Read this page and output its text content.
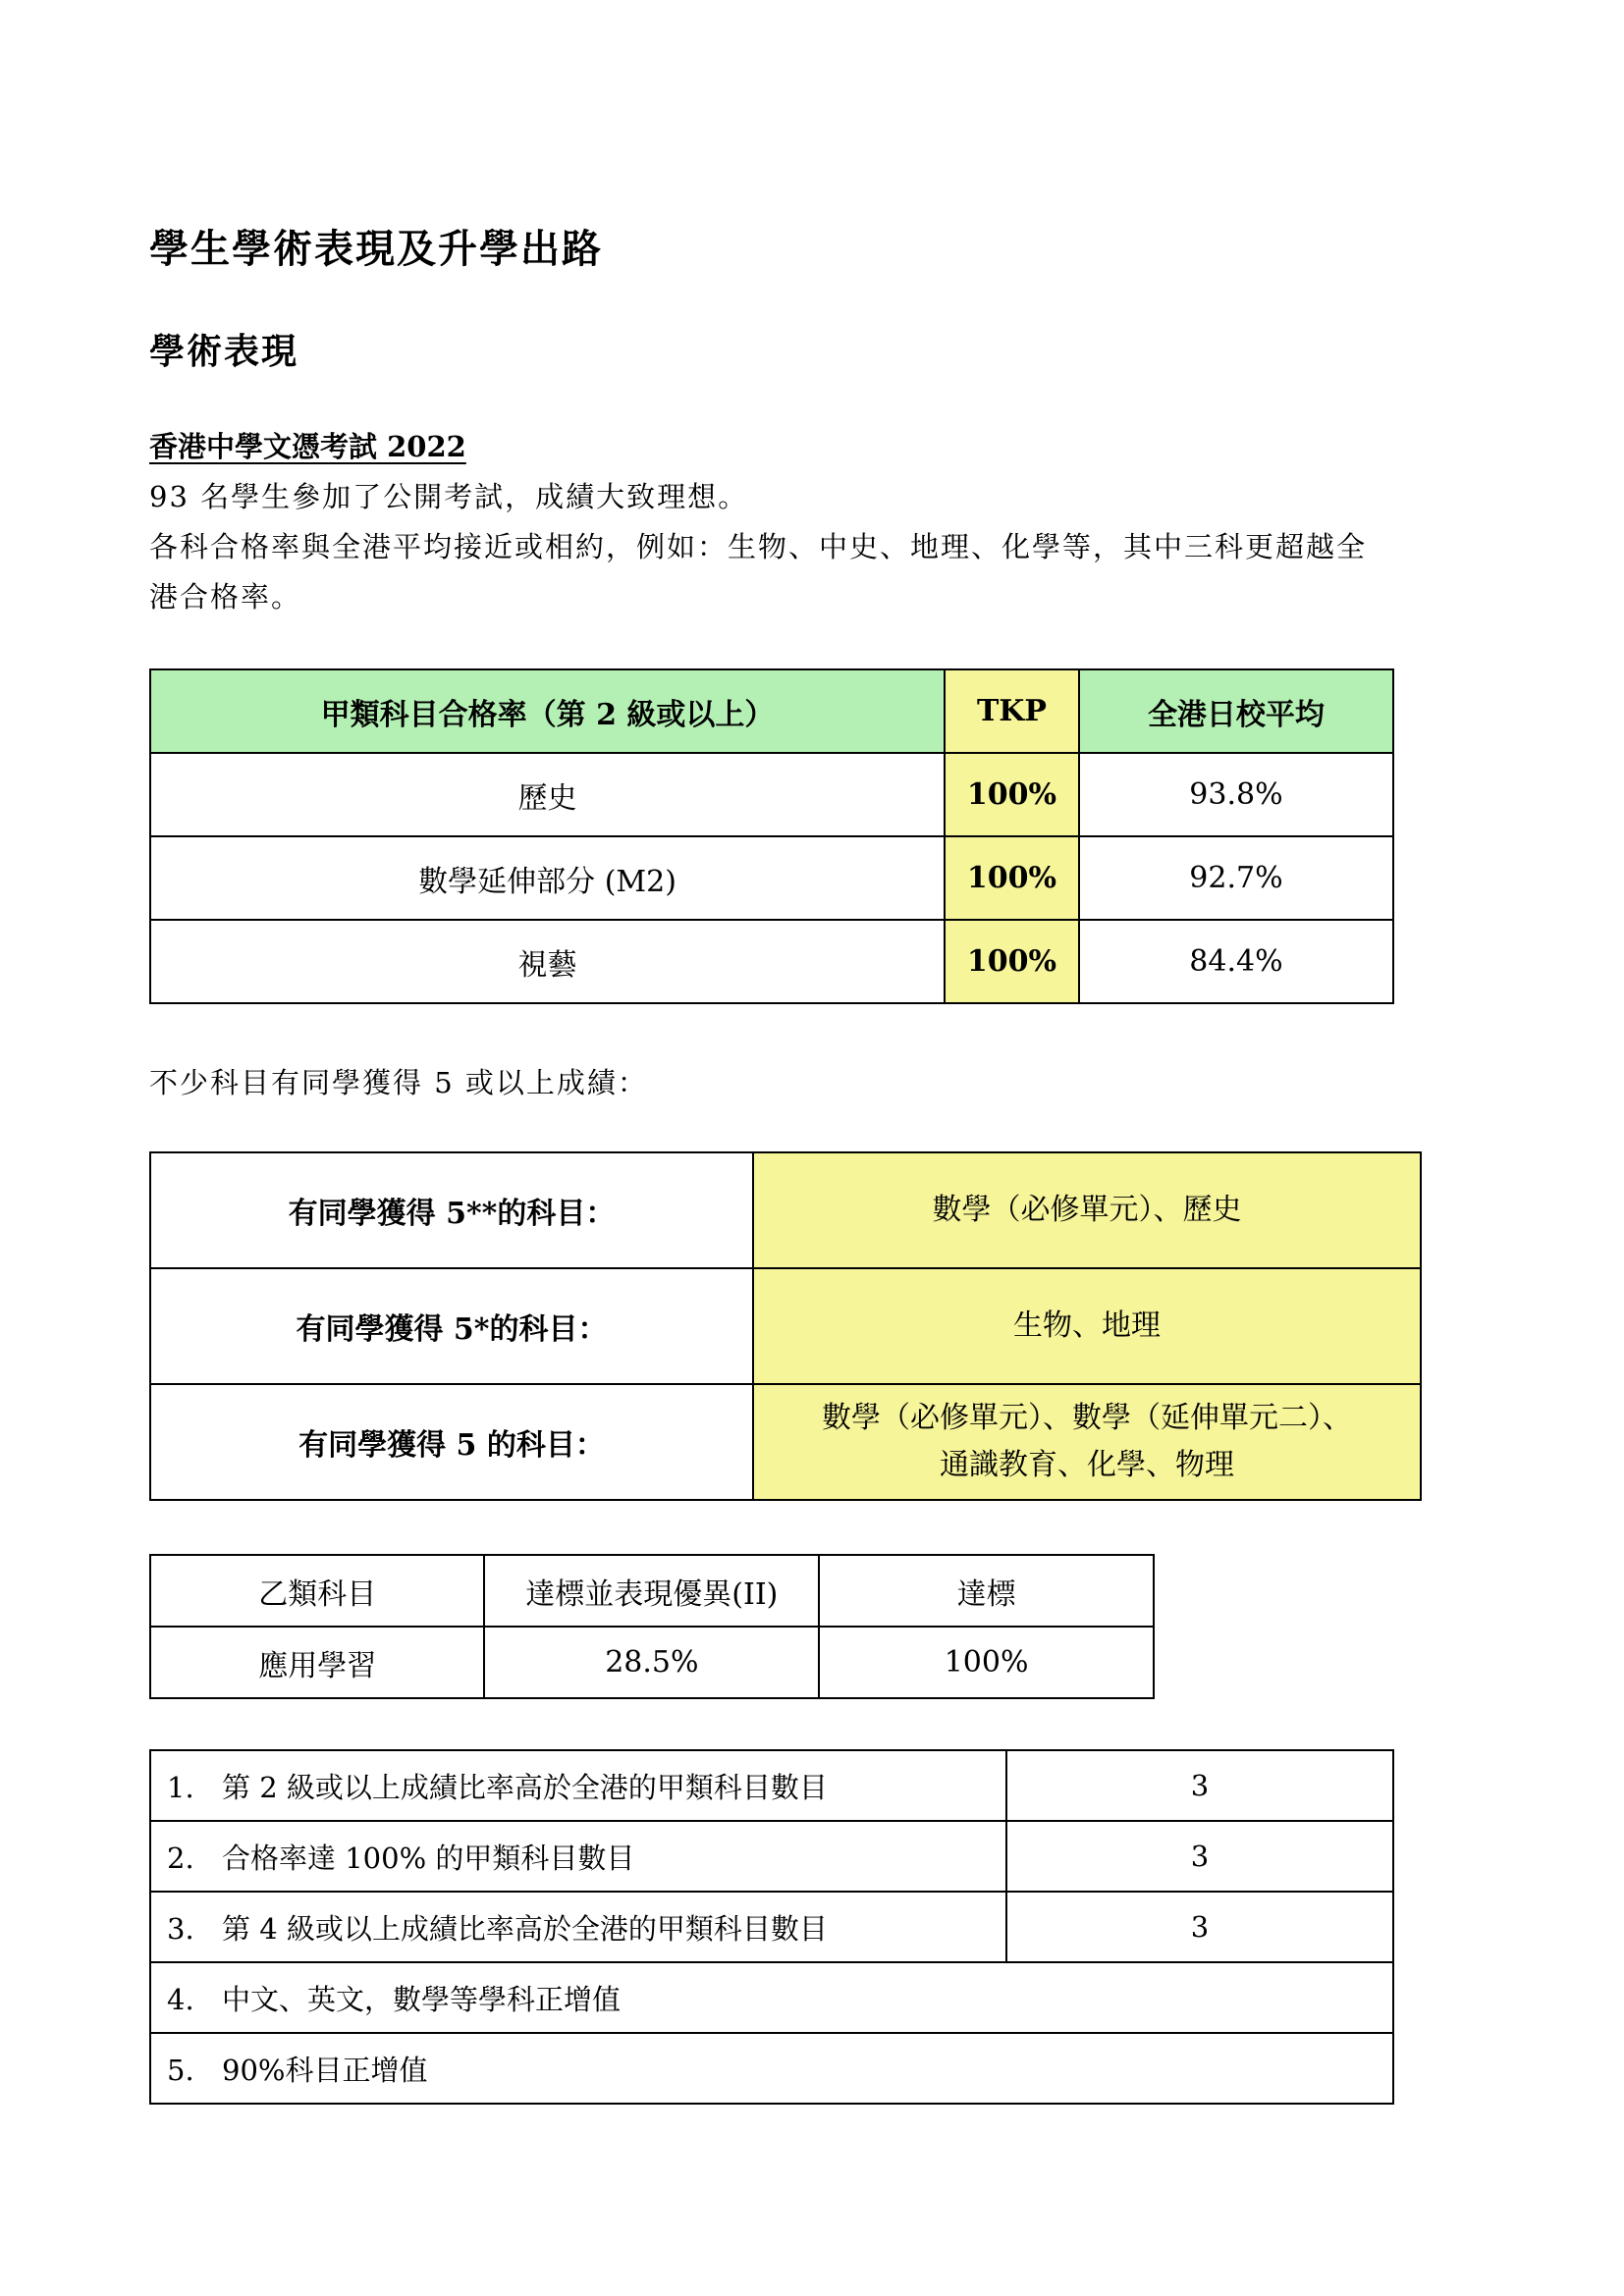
學生學術表現及升學出路
學術表現
香港中學文憑考試 2022
93 名學生參加了公開考試，成績大致理想。
各科合格率與全港平均接近或相約，例如：生物、中史、地理、化學等，其中三科更超越全
港合格率。
甲類科目合格率（第 2 級或以上）	TKP	全港日校平均
歷史	100%	93.8%
數學延伸部分 (M2)	100%	92.7%
視藝	100%	84.4%
不少科目有同學獲得 5 或以上成績：
有同學獲得 5**的科目：	數學（必修單元）、歷史

有同學獲得 5*的科目：	生物、地理

有同學獲得 5 的科目：	數學（必修單元）、數學（延伸單元二）、
通識教育、化學、物理
乙類科目	達標並表現優異(II)	達標
應用學習	28.5%	100%
1. 第 2 級或以上成績比率高於全港的甲類科目數目	3
2. 合格率達 100% 的甲類科目數目	3
3. 第 4 級或以上成績比率高於全港的甲類科目數目	3
4. 中文、英文，數學等學科正增值	
5. 90%科目正增值	
